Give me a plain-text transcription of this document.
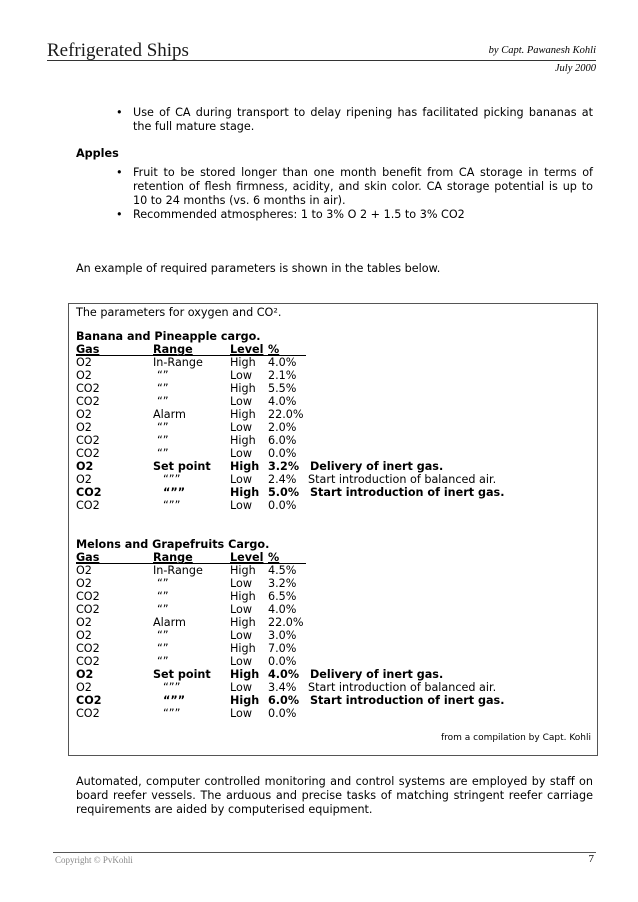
Refrigerated Ships	by Capt. Pawanesh Kohli
July 2000
• Use of CA during transport to delay ripening has facilitated picking bananas at the full mature stage.
Apples
• Fruit to be stored longer than one month benefit from CA storage in terms of retention of flesh firmness, acidity, and skin color. CA storage potential is up to 10 to 24 months (vs. 6 months in air).
• Recommended atmospheres: 1 to 3% O 2 + 1.5 to 3% CO2
An example of required parameters is shown in the tables below.
The parameters for oxygen and CO².
Banana and Pineapple cargo.
Gas	Range	Level %
O2	In-Range High 4.0%
O2	“”	Low 2.1%
CO2	“”	High 5.5%
CO2	“”	Low 4.0%
O2	Alarm	High 22.0%
O2	“”	Low 2.0%
CO2	“”	High 6.0%
CO2	“”	Low 0.0%
O2	Set point High 3.2% Delivery of inert gas.
O2	“””	Low 2.4% Start introduction of balanced air.
CO2	“””	High 5.0% Start introduction of inert gas.
CO2	“””	Low 0.0%
Melons and Grapefruits Cargo.
Gas	Range	Level %
O2	In-Range High 4.5%
O2	“”	Low 3.2%
CO2	“”	High 6.5%
CO2	“”	Low 4.0%
O2	Alarm	High 22.0%
O2	“”	Low 3.0%
CO2	“”	High 7.0%
CO2	“”	Low 0.0%
O2	Set point High 4.0% Delivery of inert gas.
O2	“””	Low 3.4% Start introduction of balanced air.
CO2	“””	High 6.0% Start introduction of inert gas.
CO2	“””	Low 0.0%
from a compilation by Capt. Kohli
Automated, computer controlled monitoring and control systems are employed by staff on board reefer vessels. The arduous and precise tasks of matching stringent reefer carriage requirements are aided by computerised equipment.
Copyright © PvKohli	7
